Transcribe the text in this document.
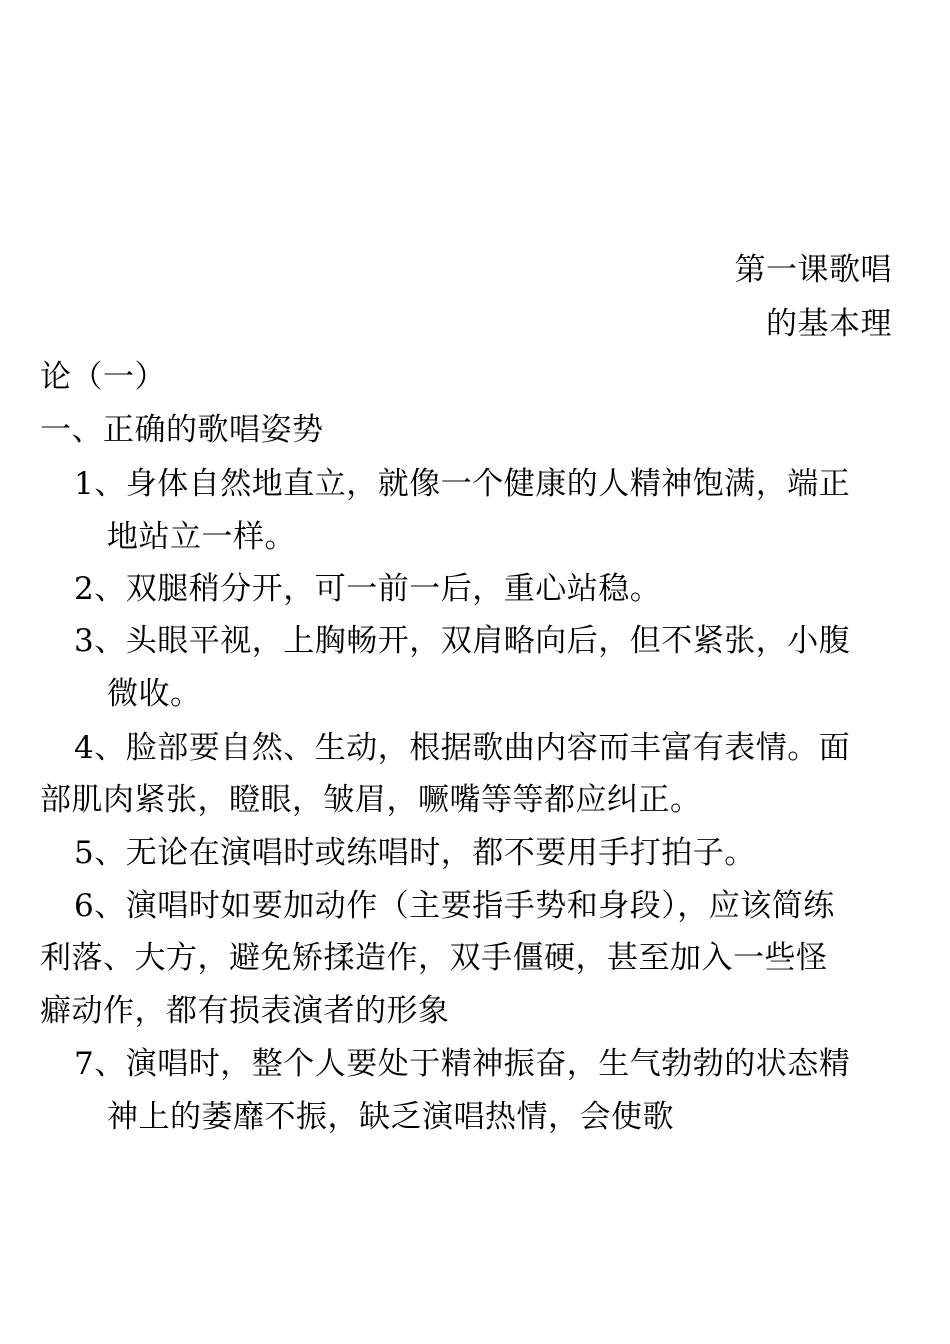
第一课歌唱
的基本理
论（一）
一、正确的歌唱姿势
1、身体自然地直立，就像一个健康的人精神饱满，端正
地站立一样。
2、双腿稍分开，可一前一后，重心站稳。
3、头眼平视，上胸畅开，双肩略向后，但不紧张，小腹
微收。
4、脸部要自然、生动，根据歌曲内容而丰富有表情。面
部肌肉紧张，瞪眼，皱眉，噘嘴等等都应纠正。
5、无论在演唱时或练唱时，都不要用手打拍子。
6、演唱时如要加动作（主要指手势和身段），应该简练
利落、大方，避免矫揉造作，双手僵硬，甚至加入一些怪
癖动作，都有损表演者的形象
7、演唱时，整个人要处于精神振奋，生气勃勃的状态精
神上的萎靡不振，缺乏演唱热情，会使歌
